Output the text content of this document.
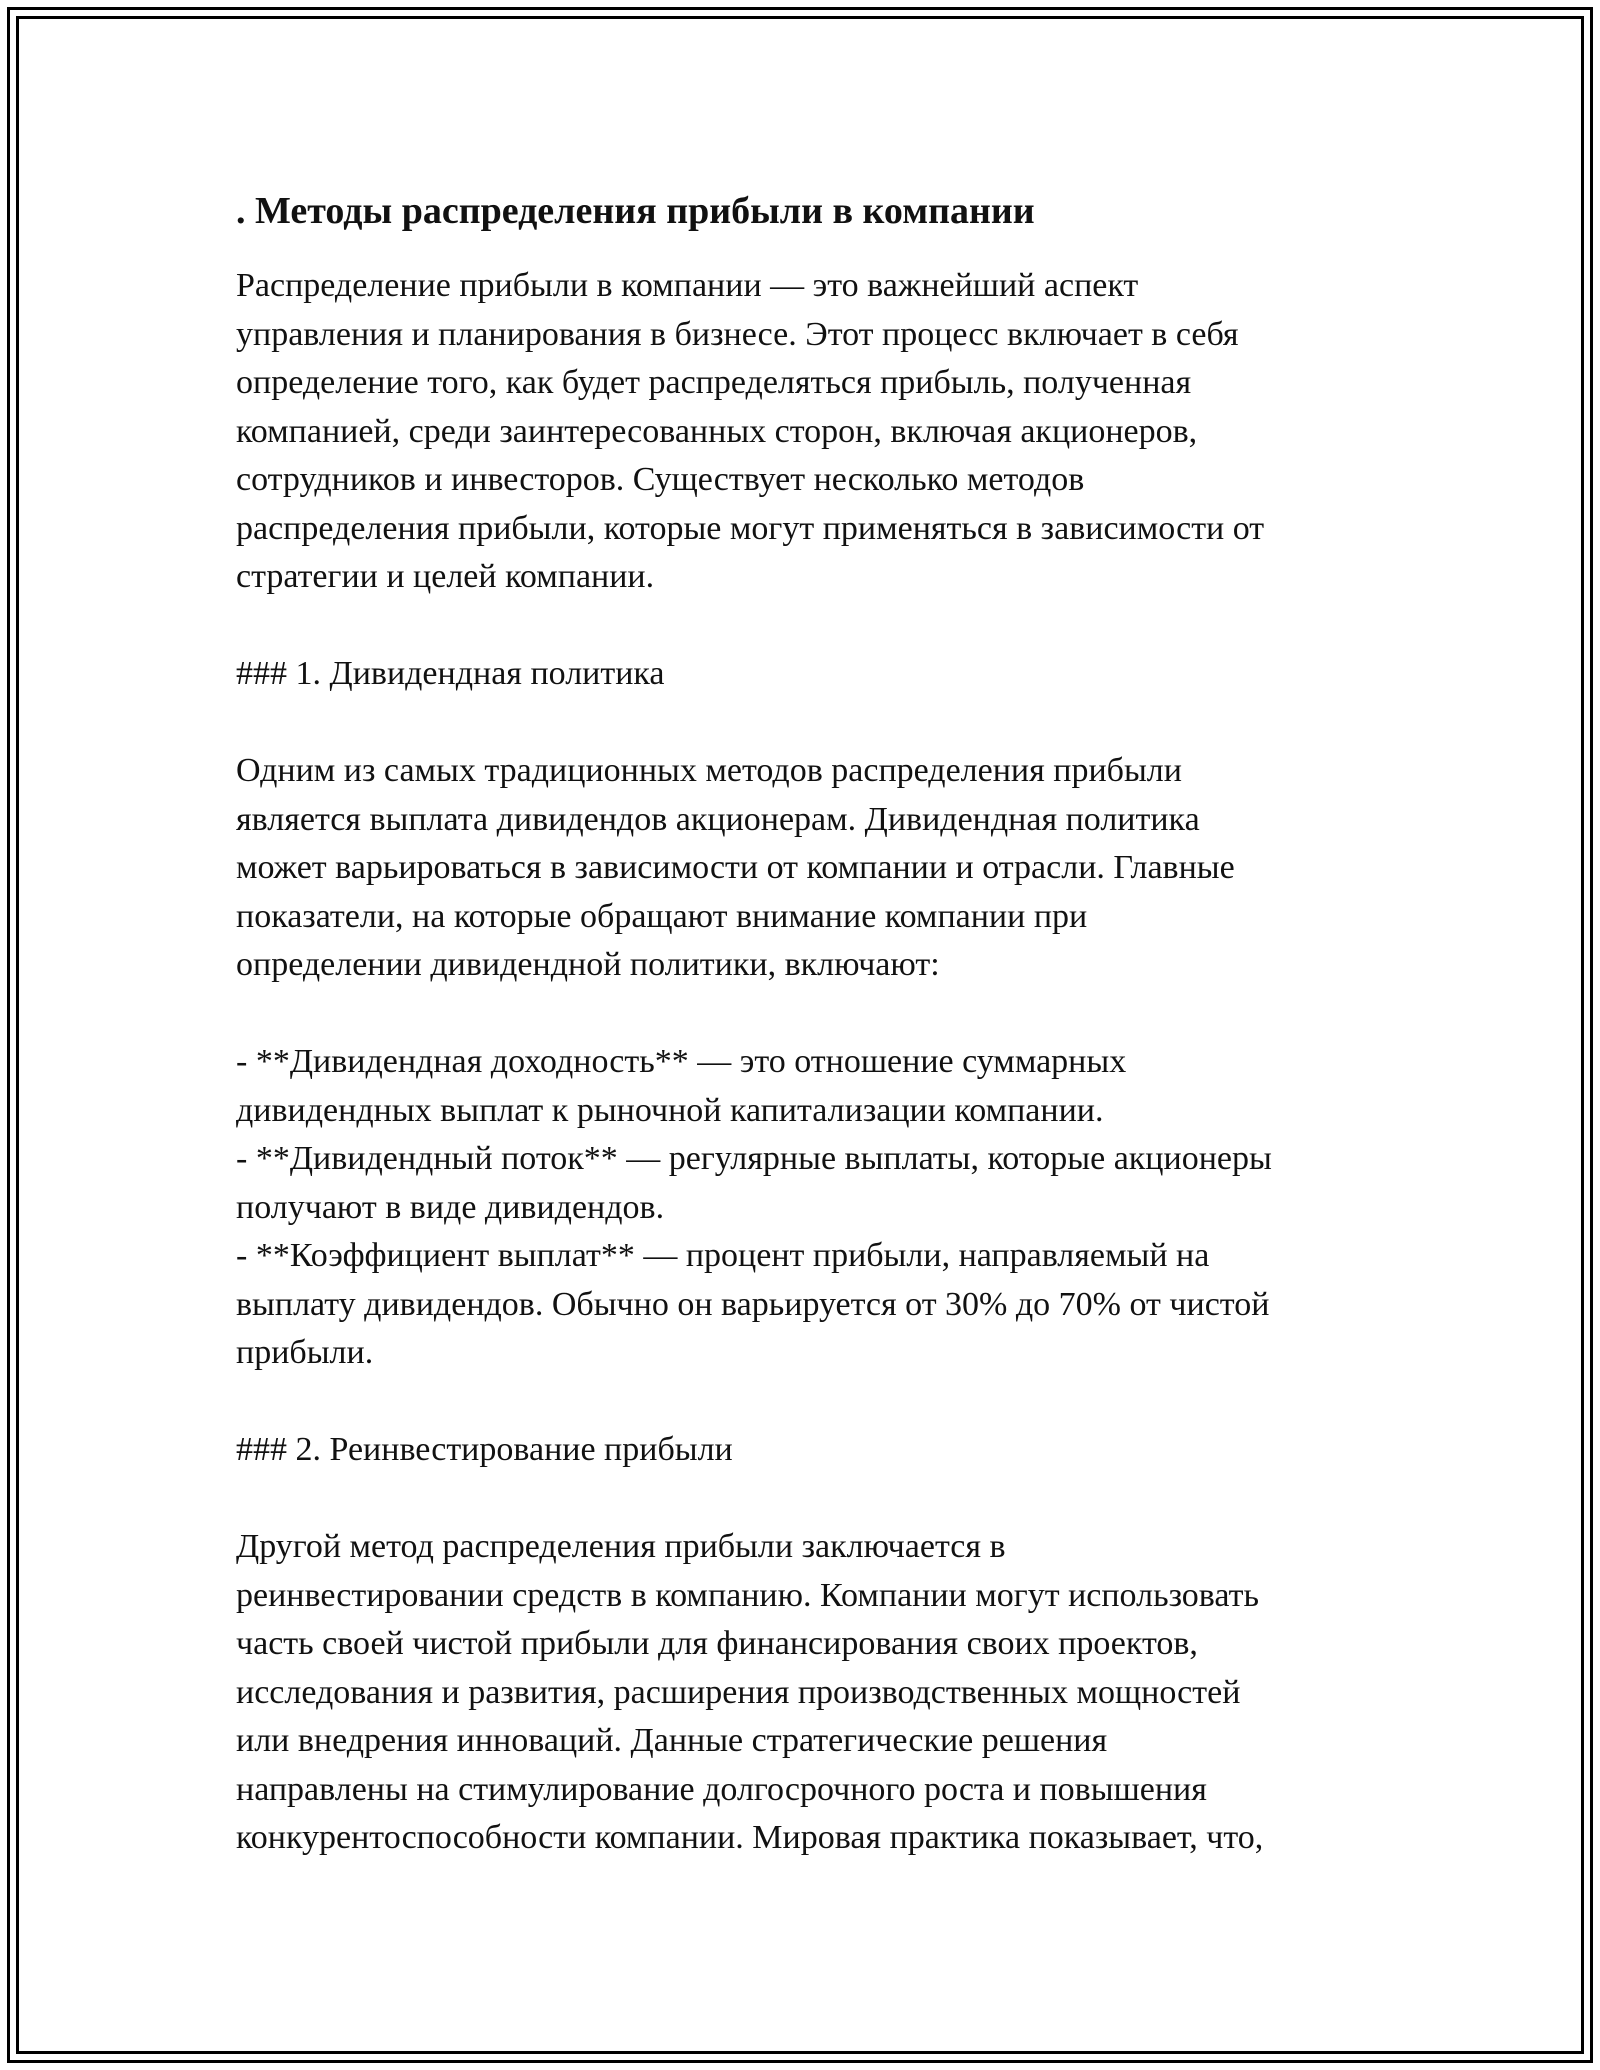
. Методы распределения прибыли в компании
Распределение прибыли в компании — это важнейший аспект
управления и планирования в бизнесе. Этот процесс включает в себя
определение того, как будет распределяться прибыль, полученная
компанией, среди заинтересованных сторон, включая акционеров,
сотрудников и инвесторов. Существует несколько методов
распределения прибыли, которые могут применяться в зависимости от
стратегии и целей компании.
### 1. Дивидендная политика
Одним из самых традиционных методов распределения прибыли
является выплата дивидендов акционерам. Дивидендная политика
может варьироваться в зависимости от компании и отрасли. Главные
показатели, на которые обращают внимание компании при
определении дивидендной политики, включают:
- **Дивидендная доходность** — это отношение суммарных
дивидендных выплат к рыночной капитализации компании.
- **Дивидендный поток** — регулярные выплаты, которые акционеры
получают в виде дивидендов.
- **Коэффициент выплат** — процент прибыли, направляемый на
выплату дивидендов. Обычно он варьируется от 30% до 70% от чистой
прибыли.
### 2. Реинвестирование прибыли
Другой метод распределения прибыли заключается в
реинвестировании средств в компанию. Компании могут использовать
часть своей чистой прибыли для финансирования своих проектов,
исследования и развития, расширения производственных мощностей
или внедрения инноваций. Данные стратегические решения
направлены на стимулирование долгосрочного роста и повышения
конкурентоспособности компании. Мировая практика показывает, что,
